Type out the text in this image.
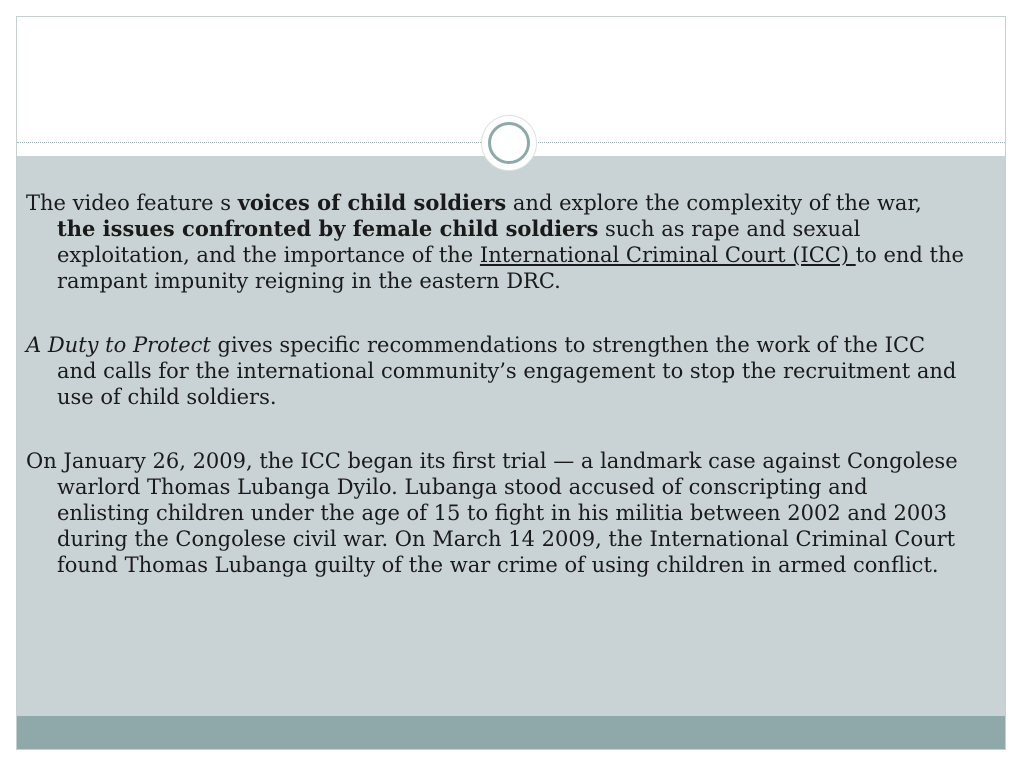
The video feature s voices of child soldiers and explore the complexity of the war, the issues confronted by female child soldiers such as rape and sexual exploitation, and the importance of the International Criminal Court (ICC) to end the rampant impunity reigning in the eastern DRC.

A Duty to Protect gives specific recommendations to strengthen the work of the ICC and calls for the international community’s engagement to stop the recruitment and use of child soldiers.

On January 26, 2009, the ICC began its first trial — a landmark case against Congolese warlord Thomas Lubanga Dyilo. Lubanga stood accused of conscripting and enlisting children under the age of 15 to fight in his militia between 2002 and 2003 during the Congolese civil war. On March 14 2009, the International Criminal Court found Thomas Lubanga guilty of the war crime of using children in armed conflict.
